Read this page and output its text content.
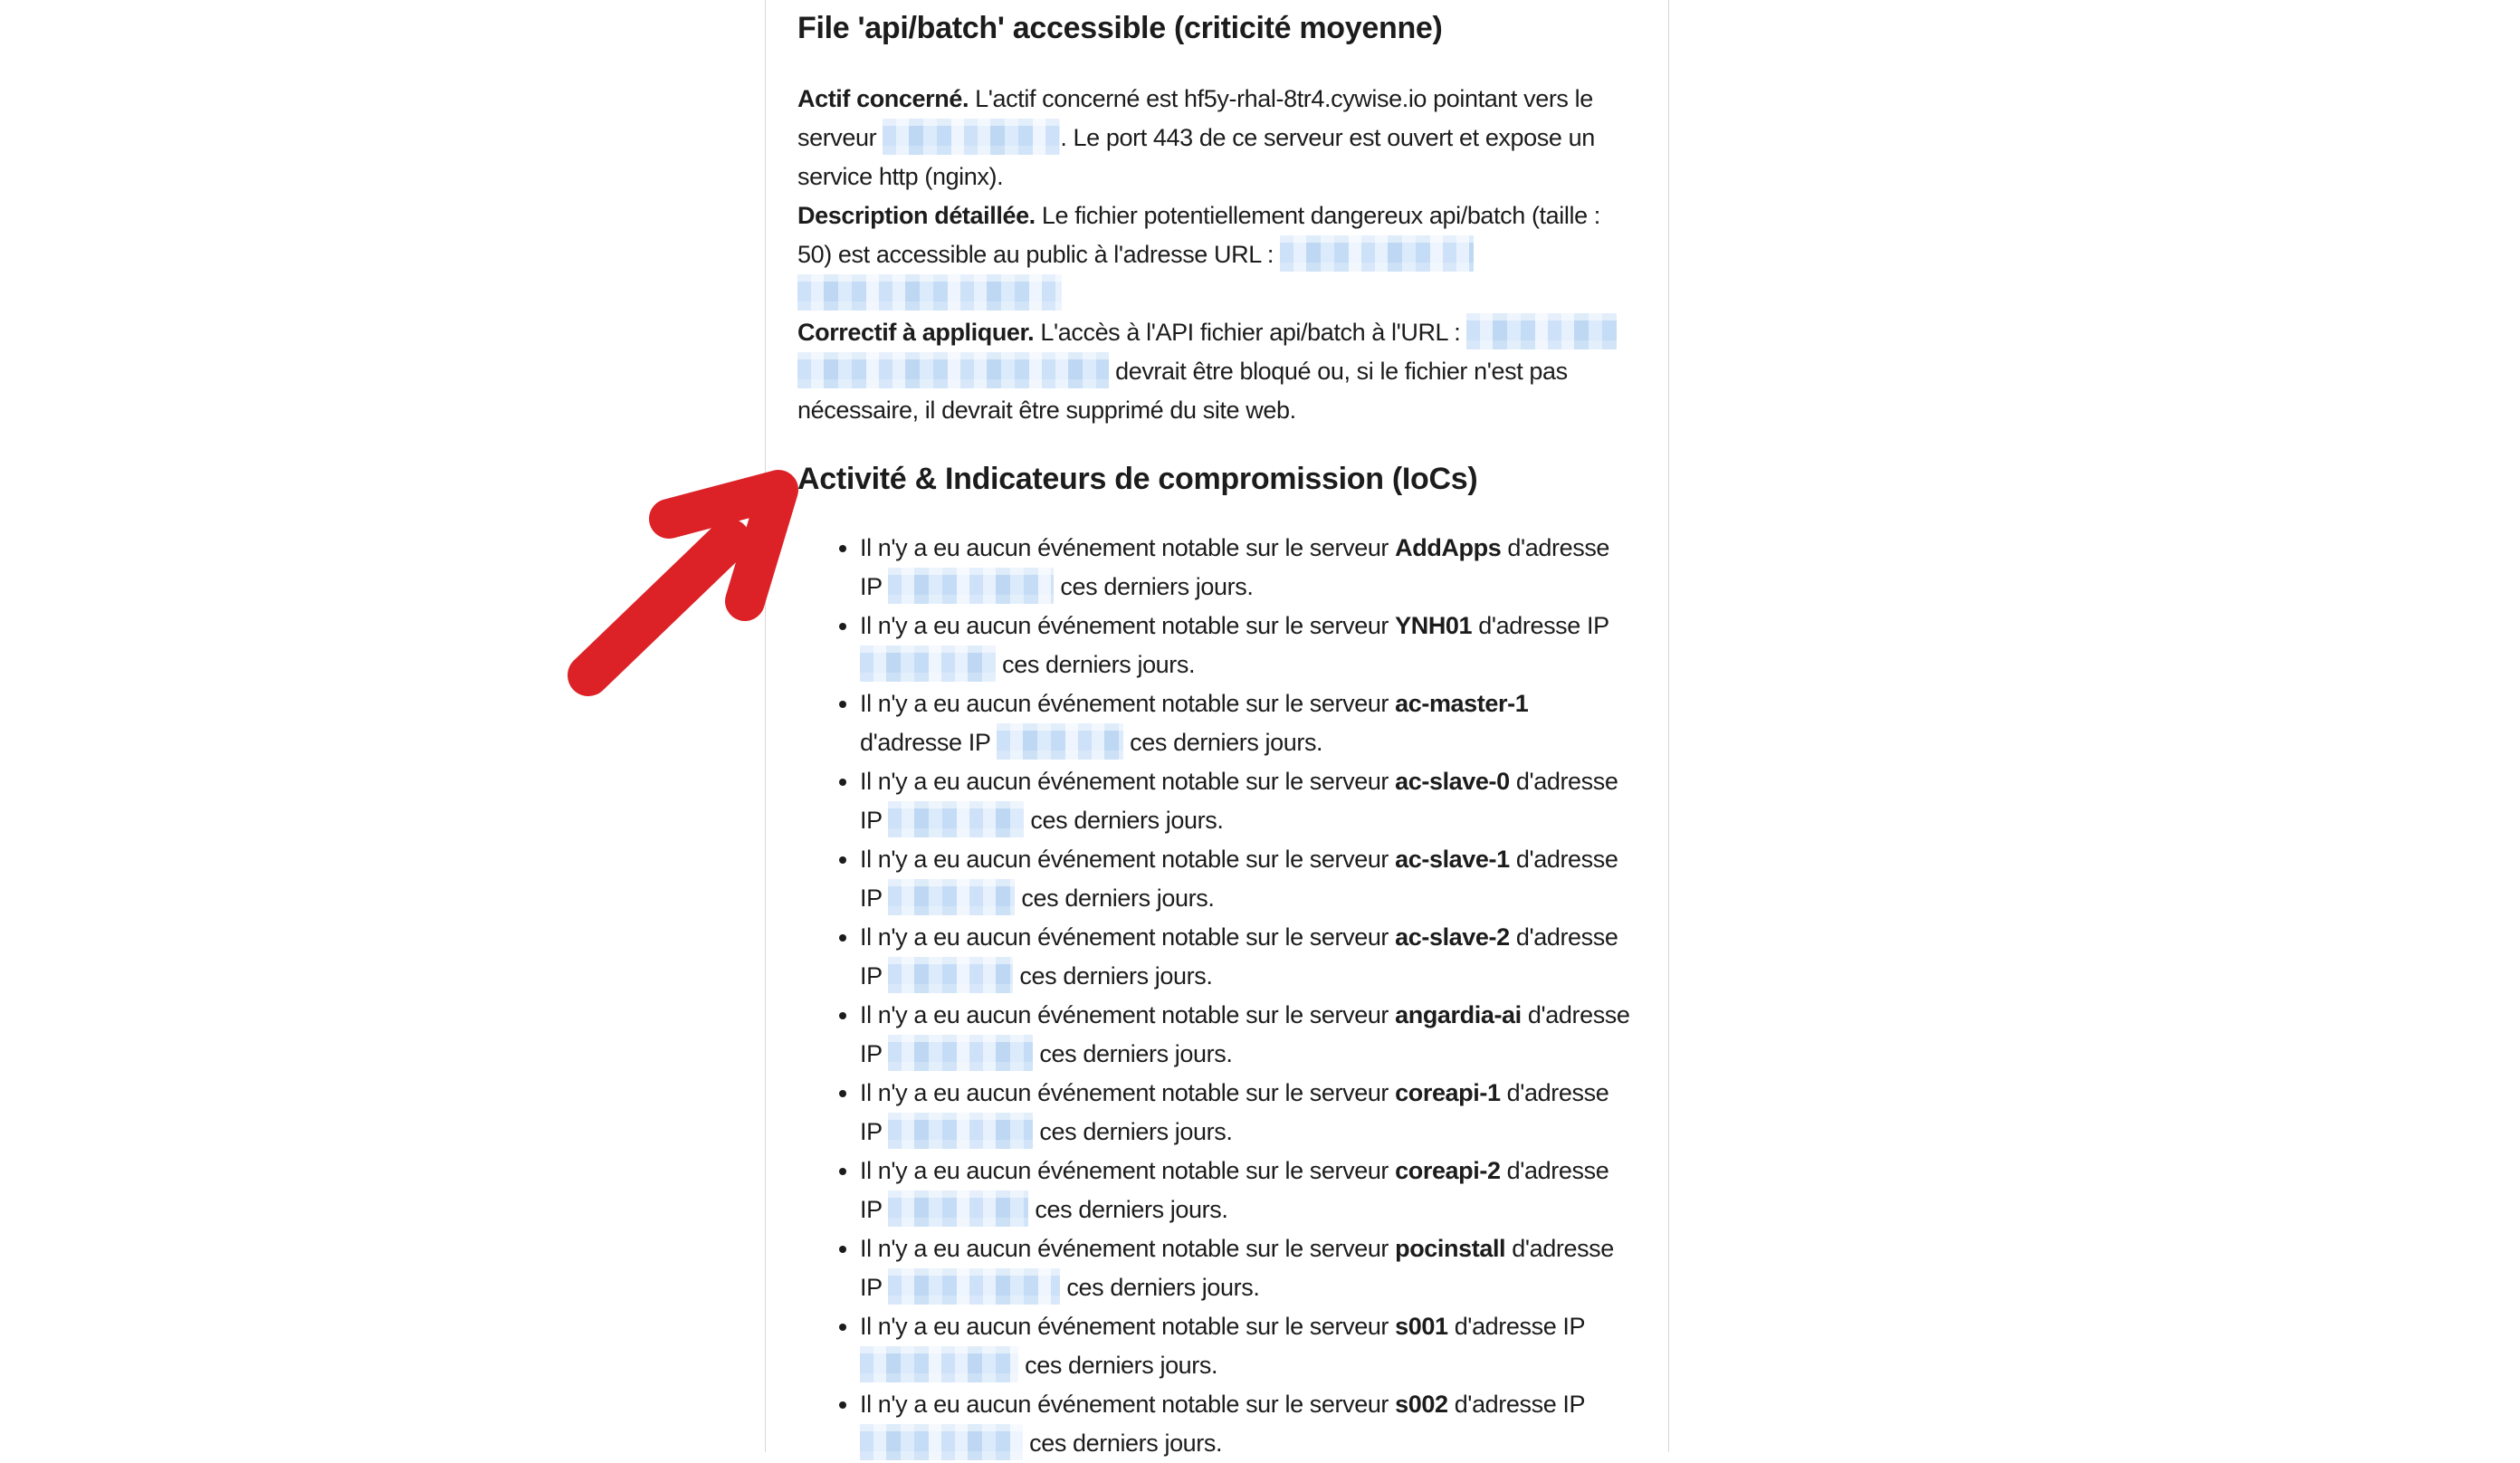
File 'api/batch' accessible (criticité moyenne)
Actif concerné. L'actif concerné est hf5y-rhal-8tr4.cywise.io pointant vers le serveur	. Le port 443 de ce serveur est ouvert et expose un service http (nginx).
Description détaillée. Le fichier potentiellement dangereux api/batch (taille : 50) est accessible au public à l'adresse URL :
Correctif à appliquer. L'accès à l'API fichier api/batch à l'URL :   devrait être bloqué ou, si le fichier n'est pas nécessaire, il devrait être supprimé du site web.
Activité & Indicateurs de compromission (IoCs)
• Il n'y a eu aucun événement notable sur le serveur AddApps d'adresse IP	ces derniers jours.
• Il n'y a eu aucun événement notable sur le serveur YNH01 d'adresse IP  ces derniers jours.
• Il n'y a eu aucun événement notable sur le serveur ac-master-1 d'adresse IP	ces derniers jours.
• Il n'y a eu aucun événement notable sur le serveur ac-slave-0 d'adresse IP	ces derniers jours.
• Il n'y a eu aucun événement notable sur le serveur ac-slave-1 d'adresse IP	ces derniers jours.
• Il n'y a eu aucun événement notable sur le serveur ac-slave-2 d'adresse IP	ces derniers jours.
• Il n'y a eu aucun événement notable sur le serveur angardia-ai d'adresse IP	ces derniers jours.
• Il n'y a eu aucun événement notable sur le serveur coreapi-1 d'adresse IP	ces derniers jours.
• Il n'y a eu aucun événement notable sur le serveur coreapi-2 d'adresse IP	ces derniers jours.
• Il n'y a eu aucun événement notable sur le serveur pocinstall d'adresse IP	ces derniers jours.
• Il n'y a eu aucun événement notable sur le serveur s001 d'adresse IP  ces derniers jours.
• Il n'y a eu aucun événement notable sur le serveur s002 d'adresse IP  ces derniers jours.
